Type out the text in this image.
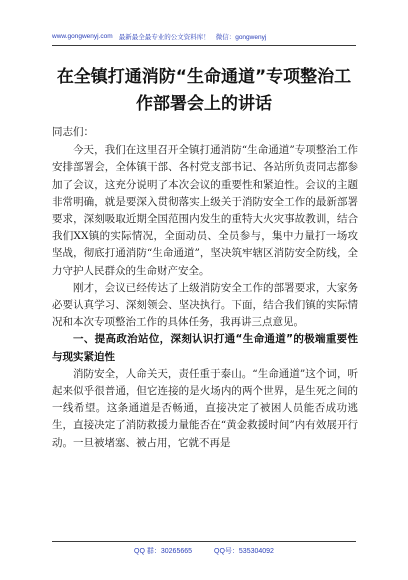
www.gongwenyj.com 最新最全最专业的公文资料库！ 微信：gongwenyj
在全镇打通消防“生命通道”专项整治工
作部署会上的讲话

同志们：

今天，我们在这里召开全镇打通消防“生命通道”专项整治工作安排部署会，全体镇干部、各村党支部书记、各站所负责同志都参加了会议，这充分说明了本次会议的重要性和紧迫性。会议的主题非常明确，就是要深入贯彻落实上级关于消防安全工作的最新部署要求，深刻吸取近期全国范围内发生的重特大火灾事故教训，结合我们XX镇的实际情况，全面动员、全员参与，集中力量打一场攻坚战，彻底打通消防“生命通道”，坚决筑牢辖区消防安全防线，全力守护人民群众的生命财产安全。

刚才，会议已经传达了上级消防安全工作的部署要求，大家务必要认真学习、深刻领会、坚决执行。下面，结合我们镇的实际情况和本次专项整治工作的具体任务，我再讲三点意见。

一、提高政治站位，深刻认识打通“生命通道”的极端重要性与现实紧迫性

消防安全，人命关天，责任重于泰山。“生命通道”这个词，听起来似乎很普通，但它连接的是火场内的两个世界，是生死之间的一线希望。这条通道是否畅通，直接决定了被困人员能否成功逃生，直接决定了消防救援力量能否在“黄金救援时间”内有效展开行动。一旦被堵塞、被占用，它就不再是

QQ 群：30265665	QQ号：535304092
